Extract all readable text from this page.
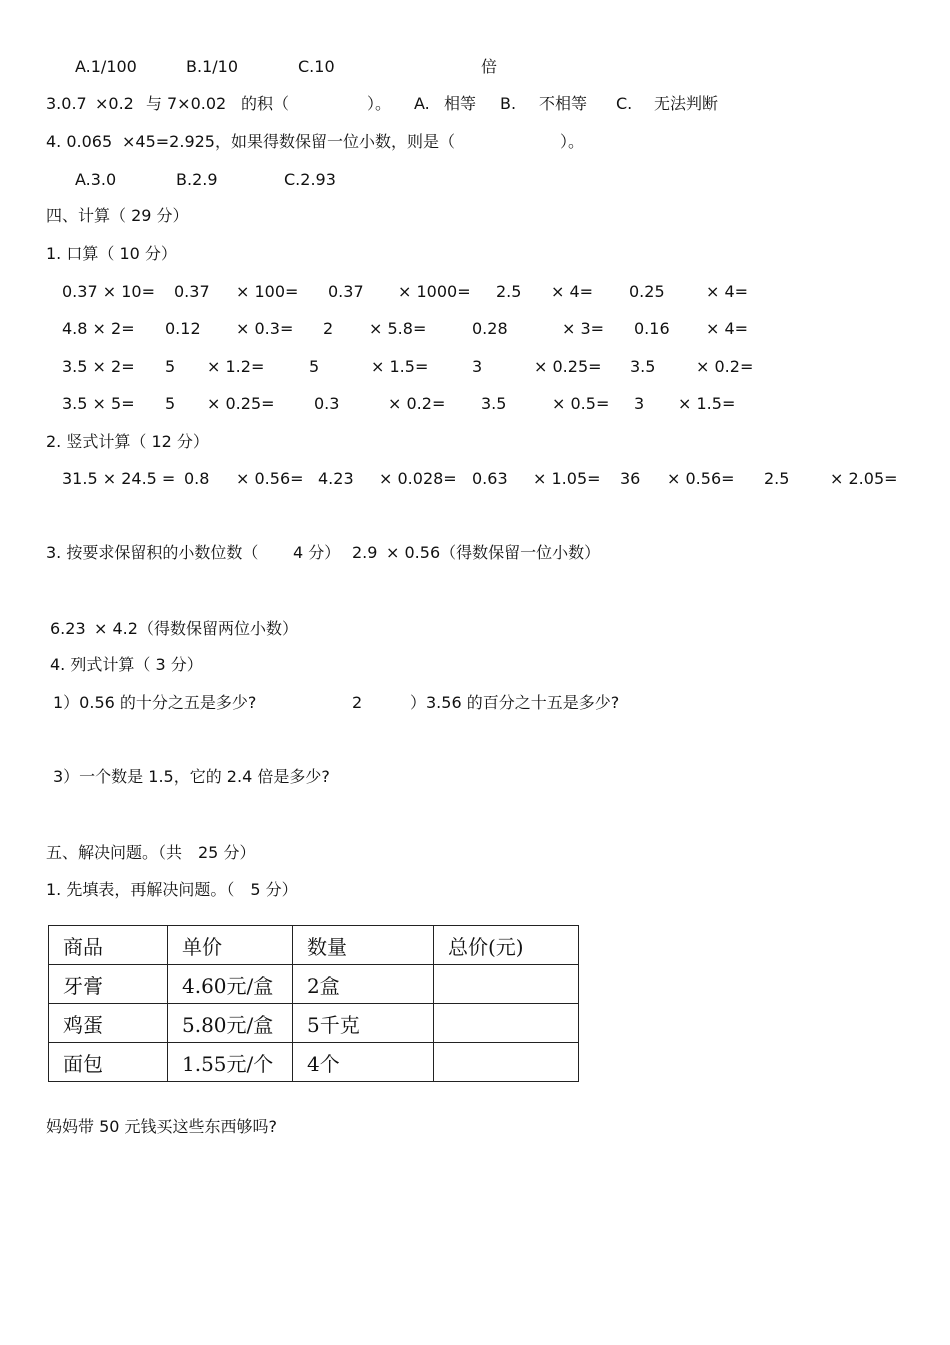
A.1/100

	B.1/10

	C.10

	倍

3.0.7

×0.2

与

7×0.02

的积（

	）。

A.

相等

B.

不相等

C.

无法判断

4. 0.065

×45=2.925，如果得数保留一位小数，则是（

	）。

A.3.0

	B.2.9

	C.2.93

四、计算（ 29 分）
1. 口算（ 10 分）

0.37 × 10=

0.37

× 100=

0.37

× 1000=

2.5

× 4=

0.25

	× 4=

4.8 × 2=

0.12

× 0.3=

2

× 5.8=

	0.28

	× 3=

0.16

× 4=

3.5 × 2=

5

× 1.2=

	5

	× 1.5=

	3

	× 0.25=

3.5

	× 0.2=

3.5 × 5=

5

× 0.25=

0.3

	× 0.2=

3.5

	× 0.5=

3

× 1.5=

2. 竖式计算（ 12 分）

31.5 × 24.5 =

0.8

× 0.56=

4.23

× 0.028=

0.63

× 1.05=

36

× 0.56=

2.5

	× 2.05=

3. 按要求保留积的小数位数（

4 分）

2.9

× 0.56（得数保留一位小数）

6.23

× 4.2（得数保留两位小数）

4. 列式计算（ 3 分）

1）0.56 的十分之五是多少?

	2

	）3.56 的百分之十五是多少?

3）一个数是 1.5，它的 2.4 倍是多少?
五、解决问题。（共　25 分）
1. 先填表，再解决问题。（　5 分）
商品	单价	数量	总价(元)
牙膏	4.60元/盒	2盒	
鸡蛋	5.80元/盒	5千克	
面包	1.55元/个	4个	
妈妈带 50 元钱买这些东西够吗?
